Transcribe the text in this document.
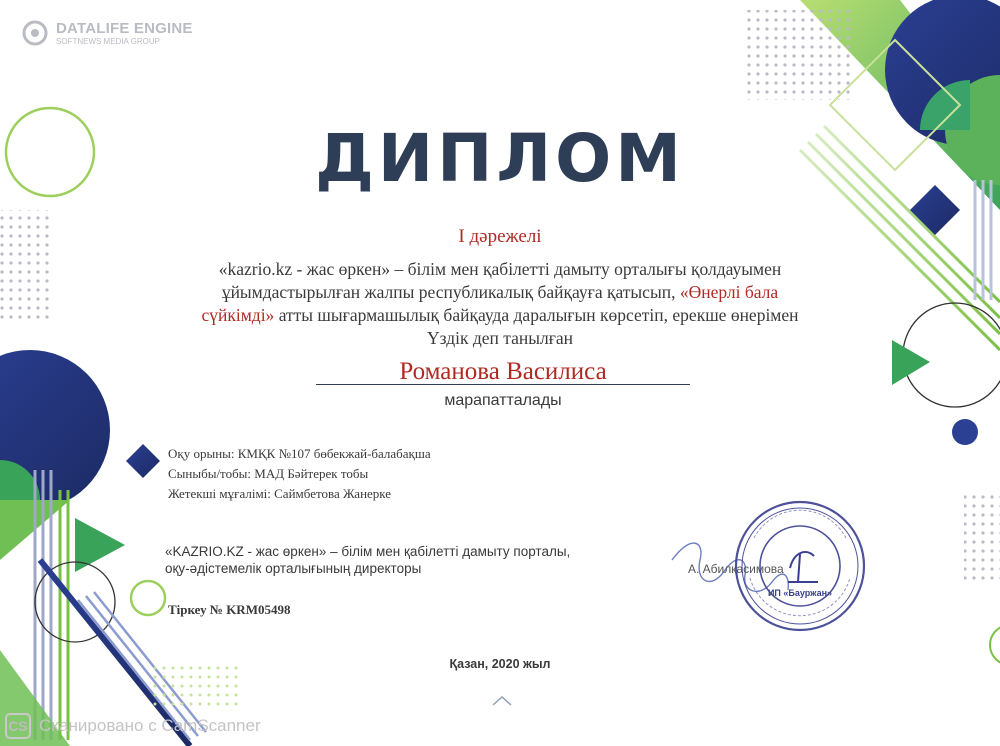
DATALIFE ENGINE
SOFTNEWS MEDIA GROUP
ДИПЛОМ
І дәрежелі
«kazrio.kz - жас өркен» – білім мен қабілетті дамыту орталығы қолдауымен ұйымдастырылған жалпы республикалық байқауға қатысып, «Өнерлі бала сүйкімді» атты шығармашылық байқауда даралығын көрсетіп, ерекше өнерімен Үздік деп танылған
Романова Василиса
марапатталады
Оқу орыны: КМҚК №107 бөбекжай-балабақша
Сыныбы/тобы: МАД Бәйтерек тобы
Жетекші мұғалімі: Саймбетова Жанерке
«KAZRIO.KZ - жас өркен» – білім мен қабілетті дамыту порталы,
оқу-әдістемелік орталығының директоры	А. Абилқасимова
Тіркеу № KRM05498
Қазан, 2020 жыл
ИП «Бауржан»
CS Сканировано с CamScanner
